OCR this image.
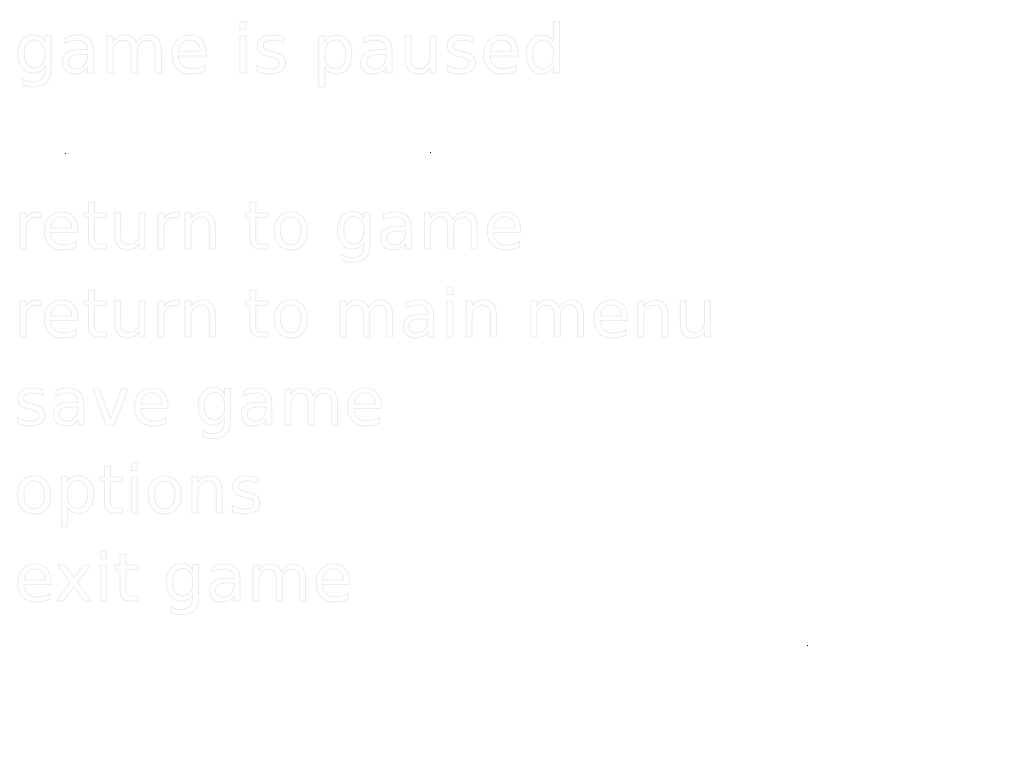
game is paused
return to game
return to main menu
save game
options
exit game
